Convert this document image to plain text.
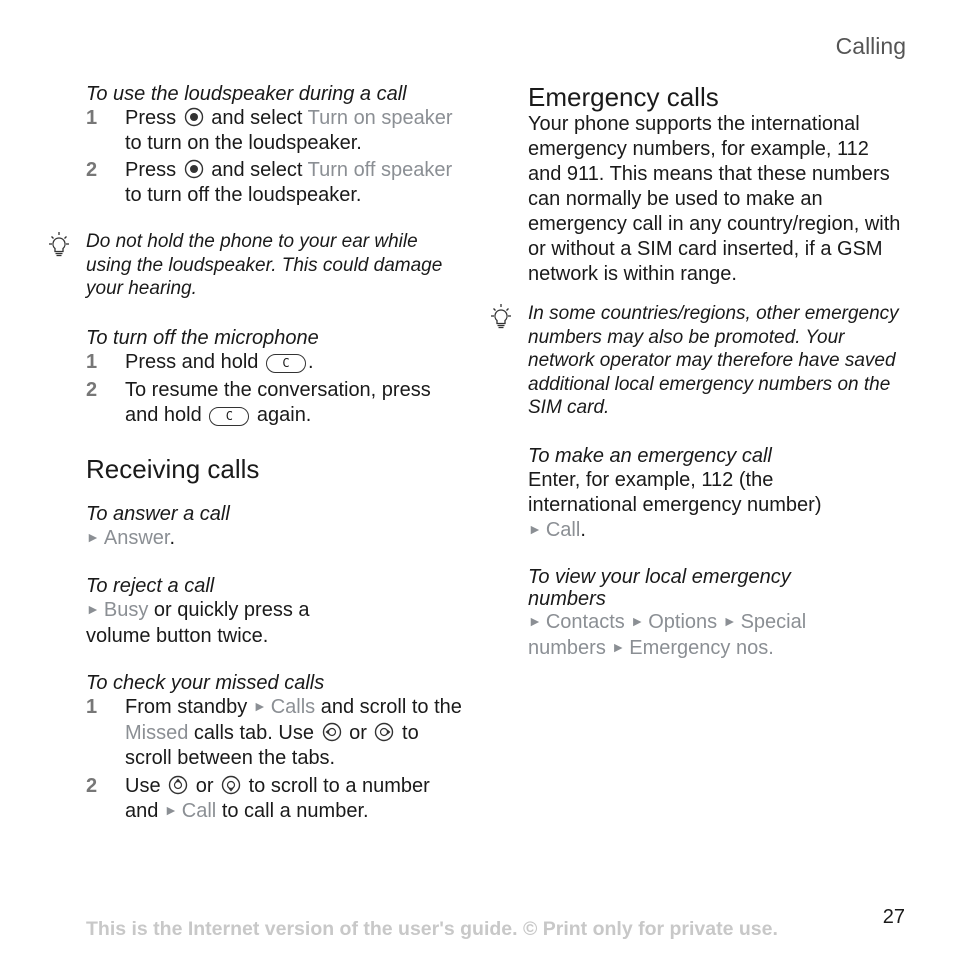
Calling
To use the loudspeaker during a call
1	Press and select Turn on speaker to turn on the loudspeaker.
2	Press and select Turn off speaker to turn off the loudspeaker.
Do not hold the phone to your ear while using the loudspeaker. This could damage your hearing.
To turn off the microphone
1	Press and hold C .
2	To resume the conversation, press and hold C again.
Receiving calls
To answer a call
► Answer.
To reject a call
► Busy or quickly press a volume button twice.
To check your missed calls
1	From standby ► Calls and scroll to the Missed calls tab. Use or to scroll between the tabs.
2	Use or to scroll to a number and ► Call to call a number.
Emergency calls
Your phone supports the international emergency numbers, for example, 112 and 911. This means that these numbers can normally be used to make an emergency call in any country/region, with or without a SIM card inserted, if a GSM network is within range.
In some countries/regions, other emergency numbers may also be promoted. Your network operator may therefore have saved additional local emergency numbers on the SIM card.
To make an emergency call
Enter, for example, 112 (the international emergency number)
► Call.
To view your local emergency numbers
► Contacts ► Options ► Special numbers ► Emergency nos.
This is the Internet version of the user's guide. © Print only for private use.
27
